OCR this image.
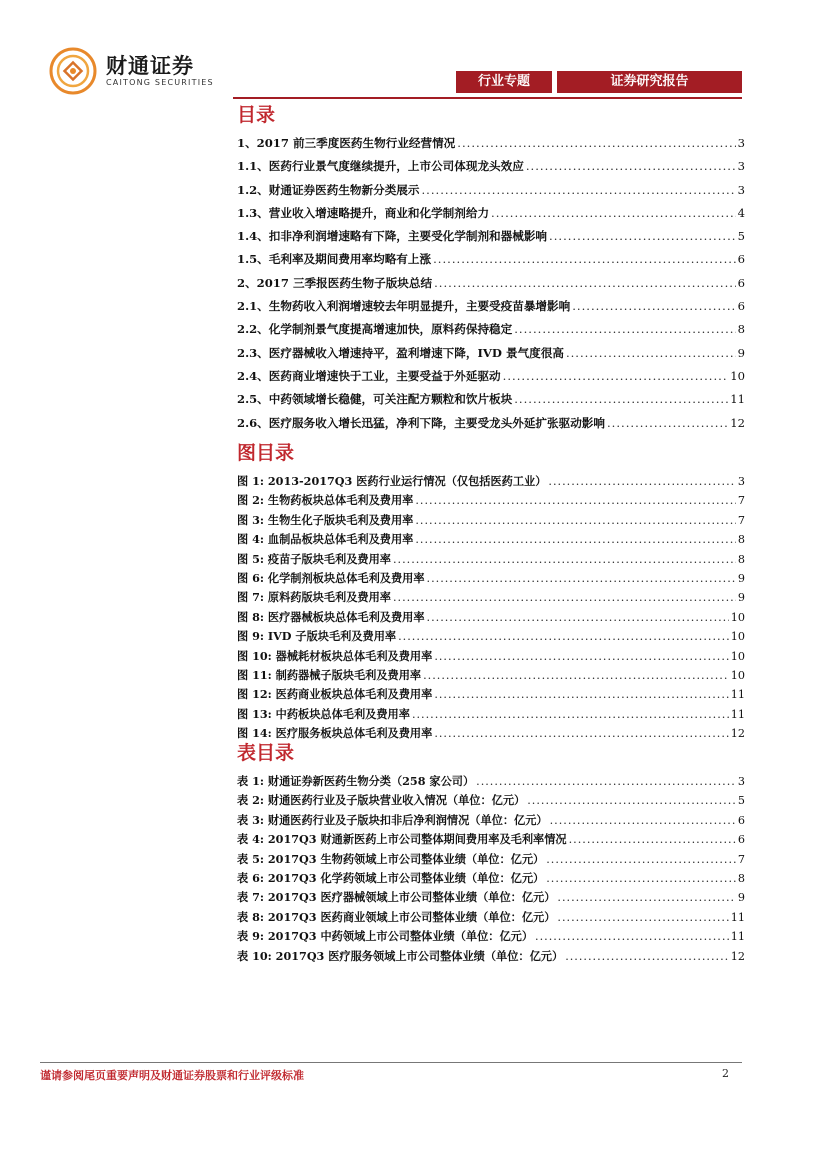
财通证券
CAITONG SECURITIES	行业专题	证券研究报告
目录
1、2017 前三季度医药生物行业经营情况 .....	3
1.1、医药行业景气度继续提升，上市公司体现龙头效应 .....	3
1.2、财通证券医药生物新分类展示 .....	3
1.3、营业收入增速略提升，商业和化学制剂给力 .....	4
1.4、扣非净利润增速略有下降，主要受化学制剂和器械影响 .....	5
1.5、毛利率及期间费用率均略有上涨 .....	6
2、2017 三季报医药生物子版块总结 .....	6
2.1、生物药收入利润增速较去年明显提升，主要受疫苗暴增影响 .....	6
2.2、化学制剂景气度提高增速加快，原料药保持稳定 .....	8
2.3、医疗器械收入增速持平，盈利增速下降，IVD 景气度很高 .....	9
2.4、医药商业增速快于工业，主要受益于外延驱动 .....	10
2.5、中药领域增长稳健，可关注配方颗粒和饮片板块 .....	11
2.6、医疗服务收入增长迅猛，净利下降，主要受龙头外延扩张驱动影响 .....	12
图目录
图 1: 2013-2017Q3 医药行业运行情况（仅包括医药工业） .....	3
图 2: 生物药板块总体毛利及费用率 .....	7
图 3: 生物生化子版块毛利及费用率 .....	7
图 4: 血制品板块总体毛利及费用率 .....	8
图 5: 疫苗子版块毛利及费用率 .....	8
图 6: 化学制剂板块总体毛利及费用率 .....	9
图 7: 原料药版块毛利及费用率 .....	9
图 8: 医疗器械板块总体毛利及费用率 .....	10
图 9: IVD 子版块毛利及费用率 .....	10
图 10: 器械耗材板块总体毛利及费用率 .....	10
图 11: 制药器械子版块毛利及费用率 .....	10
图 12: 医药商业板块总体毛利及费用率 .....	11
图 13: 中药板块总体毛利及费用率 .....	11
图 14: 医疗服务板块总体毛利及费用率 .....	12
表目录
表 1: 财通证券新医药生物分类（258 家公司） .....	3
表 2: 财通医药行业及子版块营业收入情况（单位：亿元） .....	5
表 3: 财通医药行业及子版块扣非后净利润情况（单位：亿元） .....	6
表 4: 2017Q3 财通新医药上市公司整体期间费用率及毛利率情况 .....	6
表 5: 2017Q3 生物药领域上市公司整体业绩（单位：亿元） .....	7
表 6: 2017Q3 化学药领域上市公司整体业绩（单位：亿元） .....	8
表 7: 2017Q3 医疗器械领域上市公司整体业绩（单位：亿元） .....	9
表 8: 2017Q3 医药商业领域上市公司整体业绩（单位：亿元） .....	11
表 9: 2017Q3 中药领域上市公司整体业绩（单位：亿元） .....	11
表 10: 2017Q3 医疗服务领域上市公司整体业绩（单位：亿元） .....	12
谨请参阅尾页重要声明及财通证券股票和行业评级标准	2
